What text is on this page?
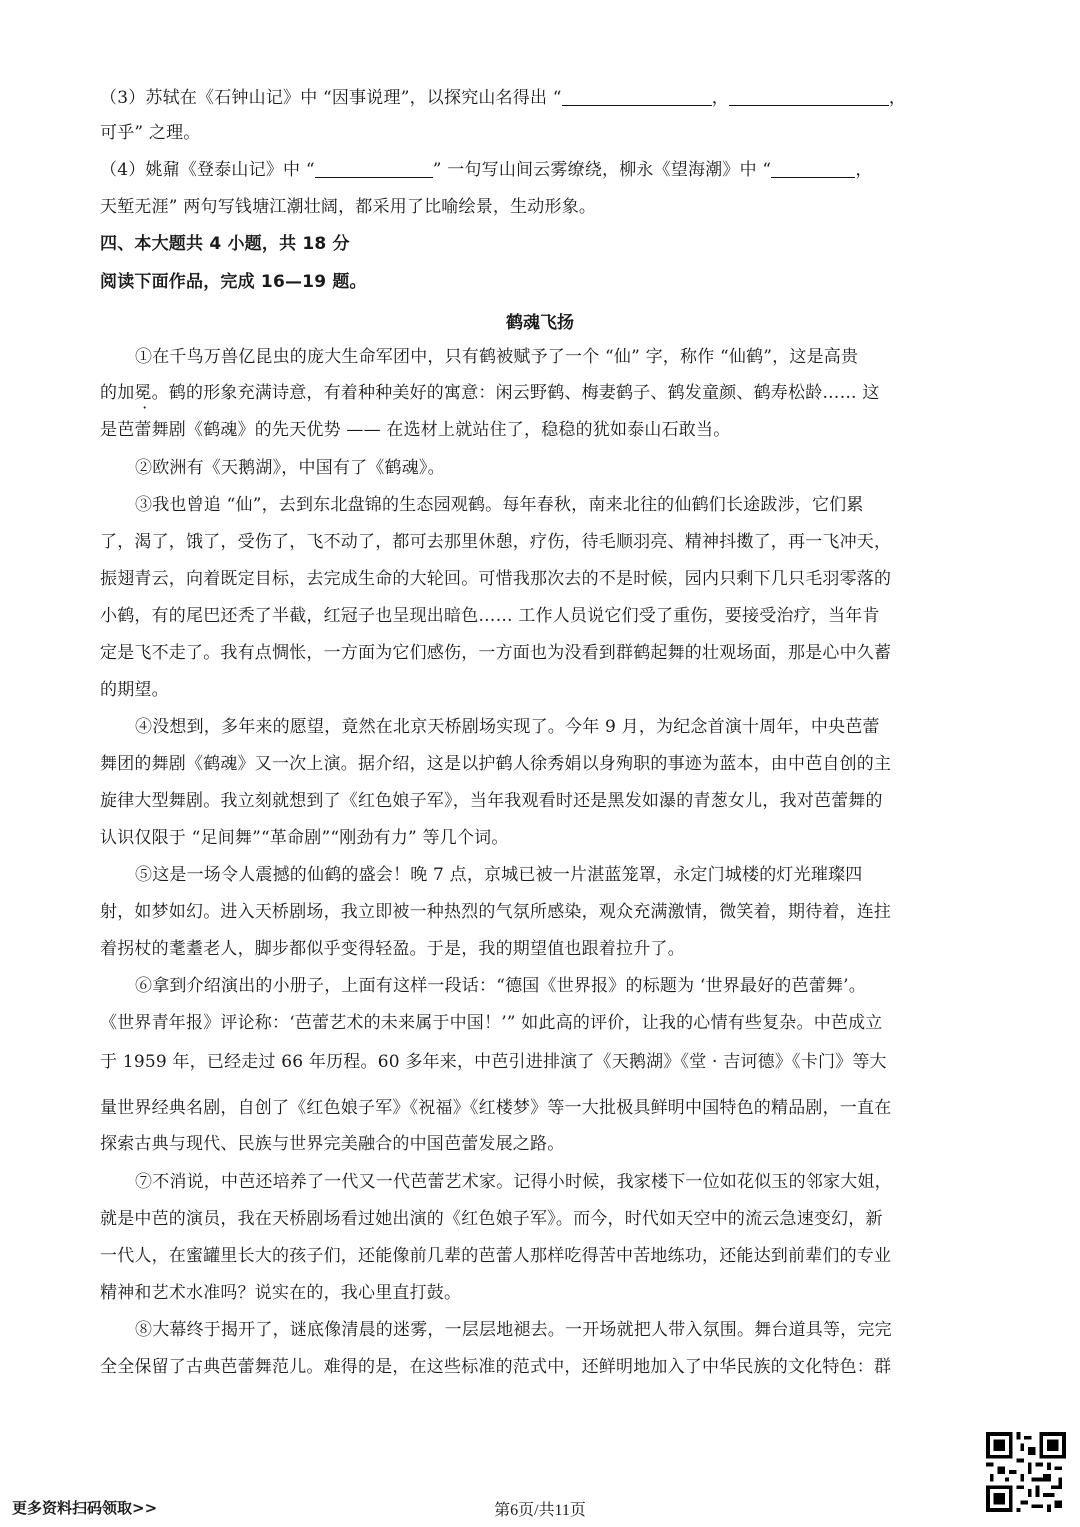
（3）苏轼在《石钟山记》中 “因事说理”，以探究山名得出 “	，	，
可乎” 之理。
（4）姚鼐《登泰山记》中 “	” 一句写山间云雾缭绕，柳永《望海潮》中 “	，
天堑无涯” 两句写钱塘江潮壮阔，都采用了比喻绘景，生动形象。
四、本大题共 4 小题，共 18 分
阅读下面作品，完成 16—19 题。
鹤魂飞扬
①在千鸟万兽亿昆虫的庞大生命军团中，只有鹤被赋予了一个 “仙” 字，称作 “仙鹤”，这是高贵
的加冕。鹤的形象充满诗意，有着种种美好的寓意：闲云野鹤、梅妻鹤子、鹤发童颜、鹤寿松龄…… 这
是芭蕾舞剧《鹤魂》的先天优势 —— 在选材上就站住了，稳稳的犹如泰山石敢当。
②欧洲有《天鹅湖》，中国有了《鹤魂》。
③我也曾追 “仙”，去到东北盘锦的生态园观鹤。每年春秋，南来北往的仙鹤们长途跋涉，它们累
了，渴了，饿了，受伤了，飞不动了，都可去那里休憩，疗伤，待毛顺羽亮、精神抖擞了，再一飞冲天，
振翅青云，向着既定目标，去完成生命的大轮回。可惜我那次去的不是时候，园内只剩下几只毛羽零落的
小鹤，有的尾巴还秃了半截，红冠子也呈现出暗色…… 工作人员说它们受了重伤，要接受治疗，当年肯
定是飞不走了。我有点惆怅，一方面为它们感伤，一方面也为没看到群鹤起舞的壮观场面，那是心中久蓄
的期望。
④没想到，多年来的愿望，竟然在北京天桥剧场实现了。今年 9 月，为纪念首演十周年，中央芭蕾
舞团的舞剧《鹤魂》又一次上演。据介绍，这是以护鹤人徐秀娟以身殉职的事迹为蓝本，由中芭自创的主
旋律大型舞剧。我立刻就想到了《红色娘子军》，当年我观看时还是黑发如瀑的青葱女儿，我对芭蕾舞的
认识仅限于 “足间舞”“革命剧”“刚劲有力” 等几个词。
⑤这是一场令人震撼的仙鹤的盛会！晚 7 点，京城已被一片湛蓝笼罩，永定门城楼的灯光璀璨四
射，如梦如幻。进入天桥剧场，我立即被一种热烈的气氛所感染，观众充满激情，微笑着，期待着，连拄
着拐杖的耄耋老人，脚步都似乎变得轻盈。于是，我的期望值也跟着拉升了。
⑥拿到介绍演出的小册子，上面有这样一段话：“德国《世界报》的标题为 ‘世界最好的芭蕾舞’。
《世界青年报》评论称：‘芭蕾艺术的未来属于中国！’” 如此高的评价，让我的心情有些复杂。中芭成立
于 1959 年，已经走过 66 年历程。60 多年来，中芭引进排演了《天鹅湖》《堂 · 吉诃德》《卡门》等大
量世界经典名剧，自创了《红色娘子军》《祝福》《红楼梦》等一大批极具鲜明中国特色的精品剧，一直在
探索古典与现代、民族与世界完美融合的中国芭蕾发展之路。
⑦不消说，中芭还培养了一代又一代芭蕾艺术家。记得小时候，我家楼下一位如花似玉的邻家大姐，
就是中芭的演员，我在天桥剧场看过她出演的《红色娘子军》。而今，时代如天空中的流云急速变幻，新
一代人，在蜜罐里长大的孩子们，还能像前几辈的芭蕾人那样吃得苦中苦地练功，还能达到前辈们的专业
精神和艺术水准吗？说实在的，我心里直打鼓。
⑧大幕终于揭开了，谜底像清晨的迷雾，一层层地褪去。一开场就把人带入氛围。舞台道具等，完完
全全保留了古典芭蕾舞范儿。难得的是，在这些标准的范式中，还鲜明地加入了中华民族的文化特色：群
更多资料扫码领取>>	第6页/共11页
